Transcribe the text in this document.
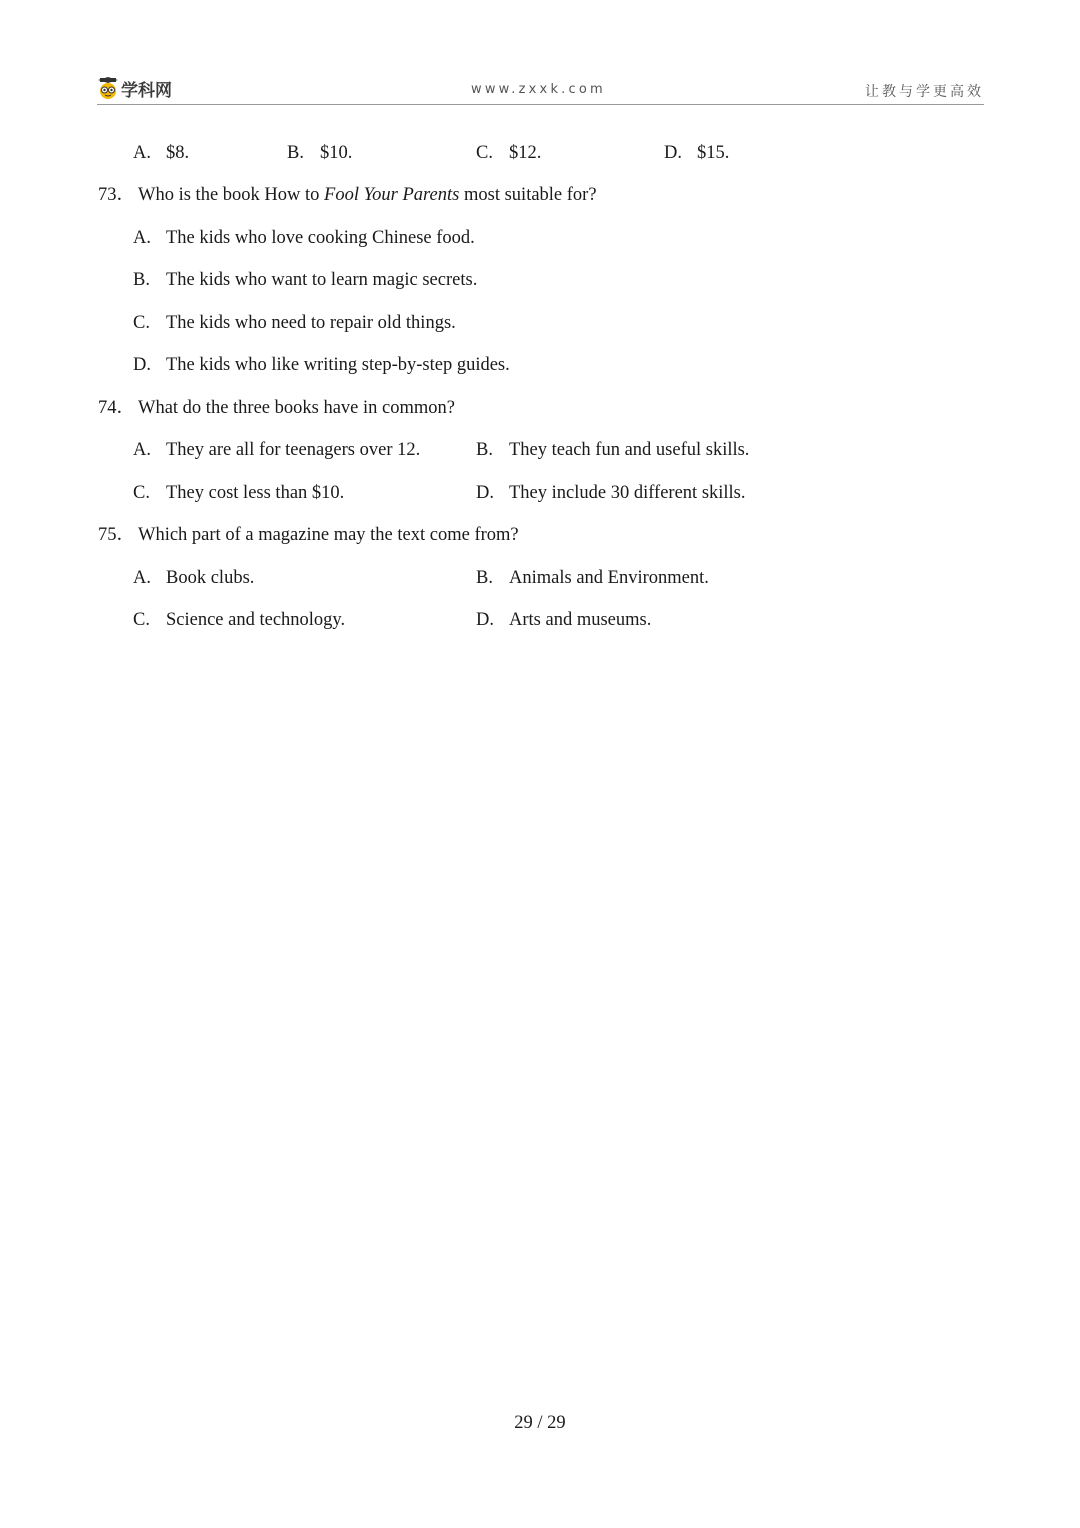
学科网	www.zxxk.com	让教与学更高效
A. $8.	B. $10.	C. $12.	D. $15.
73． Who is the book How to Fool Your Parents most suitable for?
A. The kids who love cooking Chinese food.
B. The kids who want to learn magic secrets.
C. The kids who need to repair old things.
D. The kids who like writing step-by-step guides.
74． What do the three books have in common?
A. They are all for teenagers over 12.	B. They teach fun and useful skills.
C. They cost less than $10.	D. They include 30 different skills.
75． Which part of a magazine may the text come from?
A. Book clubs.	B. Animals and Environment.
C. Science and technology.	D. Arts and museums.
29 / 29
